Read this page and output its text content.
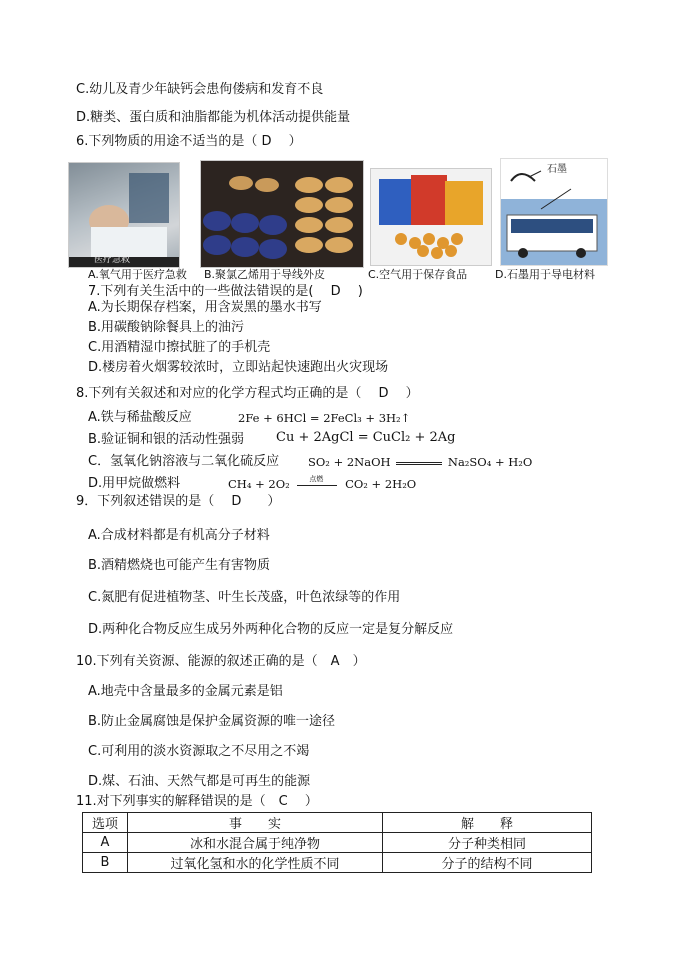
C.幼儿及青少年缺钙会患佝偻病和发育不良
D.糖类、蛋白质和油脂都能为机体活动提供能量
6.下列物质的用途不适当的是（ D　 ）
医疗急救
A.氧气用于医疗急救 B.聚氯乙烯用于导线外皮	C.空气用于保存食品
石墨
D.石墨用于导电材料
7.下列有关生活中的一些做法错误的是(　 D　 )
A.为长期保存档案，用含炭黑的墨水书写
B.用碳酸钠除餐具上的油污
C.用酒精湿巾擦拭脏了的手机壳
D.楼房着火烟雾较浓时，立即站起快速跑出火灾现场
8.下列有关叙述和对应的化学方程式均正确的是（　 D　 ）
A.铁与稀盐酸反应	2Fe + 6HCl = 2FeCl₃ + 3H₂↑
B.验证铜和银的活动性强弱 Cu + 2AgCl = CuCl₂ + 2Ag
C．氢氧化钠溶液与二氧化硫反应	SO₂ + 2NaOH	Na₂SO₄ + H₂O
D.用甲烷做燃料	CH₄ + 2O₂	点燃 CO₂ + 2H₂O
9．下列叙述错误的是（　 D　　）
A.合成材料都是有机高分子材料
B.酒精燃烧也可能产生有害物质
C.氮肥有促进植物茎、叶生长茂盛，叶色浓绿等的作用
D.两种化合物反应生成另外两种化合物的反应一定是复分解反应
10.下列有关资源、能源的叙述正确的是（　A　）
A.地壳中含量最多的金属元素是铝
B.防止金属腐蚀是保护金属资源的唯一途径
C.可利用的淡水资源取之不尽用之不竭
D.煤、石油、天然气都是可再生的能源
11.对下列事实的解释错误的是（　C　 ）
选项	事　　实	解　　释
A	冰和水混合属于纯净物	分子种类相同
B	过氧化氢和水的化学性质不同	分子的结构不同
